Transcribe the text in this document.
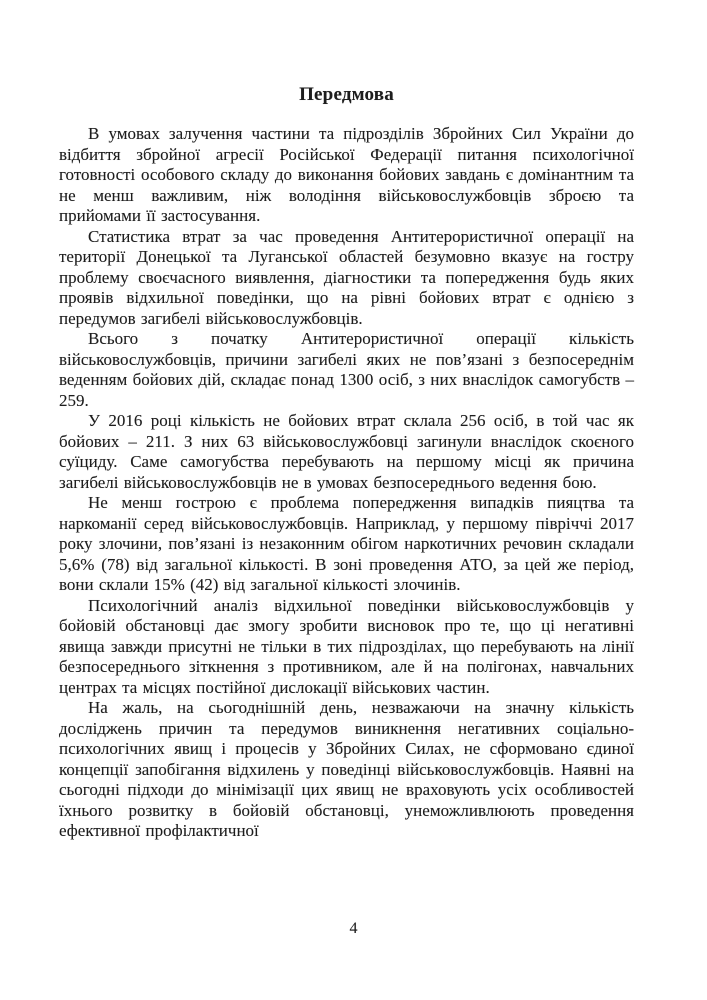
Передмова

В умовах залучення частини та підрозділів Збройних Сил України до відбиття збройної агресії Російської Федерації питання психологічної готовності особового складу до виконання бойових завдань є домінантним та не менш важливим, ніж володіння військовослужбовців зброєю та прийомами її застосування.

Статистика втрат за час проведення Антитерористичної операції на території Донецької та Луганської областей безумовно вказує на гостру проблему своєчасного виявлення, діагностики та попередження будь яких проявів відхильної поведінки, що на рівні бойових втрат є однією з передумов загибелі військовослужбовців.

Всього з початку Антитерористичної операції кількість військовослужбовців, причини загибелі яких не пов’язані з безпосереднім веденням бойових дій, складає понад 1300 осіб, з них внаслідок самогубств – 259.

У 2016 році кількість не бойових втрат склала 256 осіб, в той час як бойових – 211. З них 63 військовослужбовці загинули внаслідок скоєного суїциду. Саме самогубства перебувають на першому місці як причина загибелі військовослужбовців не в умовах безпосереднього ведення бою.

Не менш гострою є проблема попередження випадків пияцтва та наркоманії серед військовослужбовців. Наприклад, у першому півріччі 2017 року злочини, пов’язані із незаконним обігом наркотичних речовин складали 5,6% (78) від загальної кількості. В зоні проведення АТО, за цей же період, вони склали 15% (42) від загальної кількості злочинів.

Психологічний аналіз відхильної поведінки військовослужбовців у бойовій обстановці дає змогу зробити висновок про те, що ці негативні явища завжди присутні не тільки в тих підрозділах, що перебувають на лінії безпосереднього зіткнення з противником, але й на полігонах, навчальних центрах та місцях постійної дислокації військових частин.

На жаль, на сьогоднішній день, незважаючи на значну кількість досліджень причин та передумов виникнення негативних соціально-психологічних явищ і процесів у Збройних Силах, не сформовано єдиної концепції запобігання відхилень у поведінці військовослужбовців. Наявні на сьогодні підходи до мінімізації цих явищ не враховують усіх особливостей їхнього розвитку в бойовій обстановці, унеможливлюють проведення ефективної профілактичної

4
